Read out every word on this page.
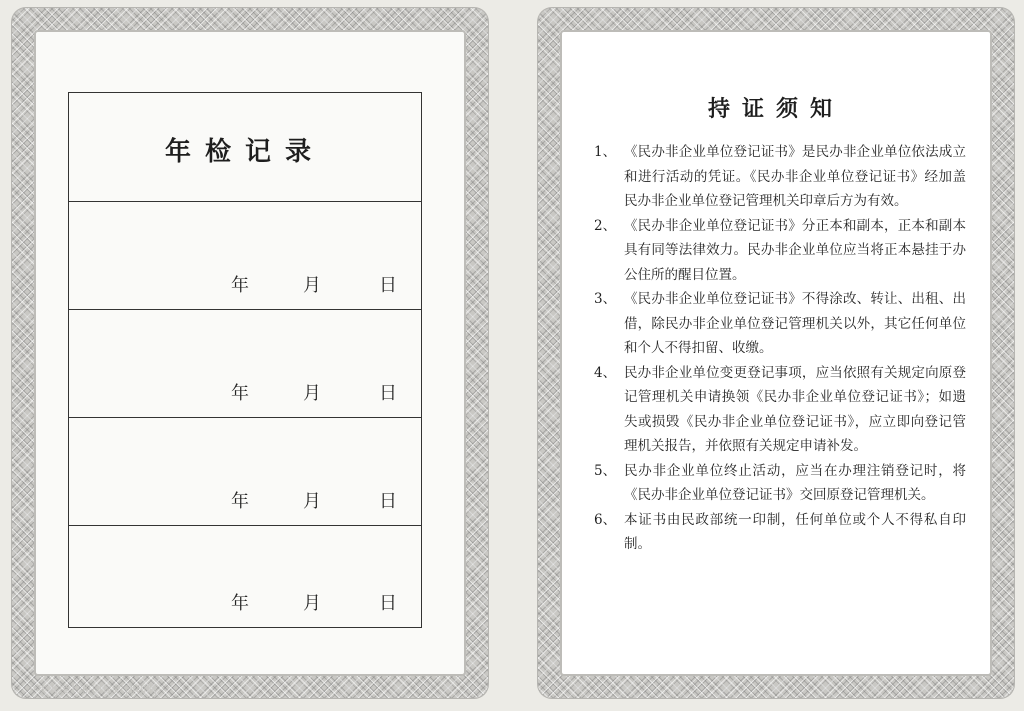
年检记录
年	月	日
年	月	日
年	月	日
年	月	日
中华人民共和国民政部印制
持证须知
1、 《民办非企业单位登记证书》是民办非企业单位依法成立和进行活动的凭证。《民办非企业单位登记证书》经加盖民办非企业单位登记管理机关印章后方为有效。
2、 《民办非企业单位登记证书》分正本和副本，正本和副本具有同等法律效力。民办非企业单位应当将正本悬挂于办公住所的醒目位置。
3、 《民办非企业单位登记证书》不得涂改、转让、出租、出借，除民办非企业单位登记管理机关以外，其它任何单位和个人不得扣留、收缴。
4、 民办非企业单位变更登记事项，应当依照有关规定向原登记管理机关申请换领《民办非企业单位登记证书》；如遗失或损毁《民办非企业单位登记证书》，应立即向登记管理机关报告，并依照有关规定申请补发。
5、 民办非企业单位终止活动，应当在办理注销登记时，将《民办非企业单位登记证书》交回原登记管理机关。
6、 本证书由民政部统一印制，任何单位或个人不得私自印制。
